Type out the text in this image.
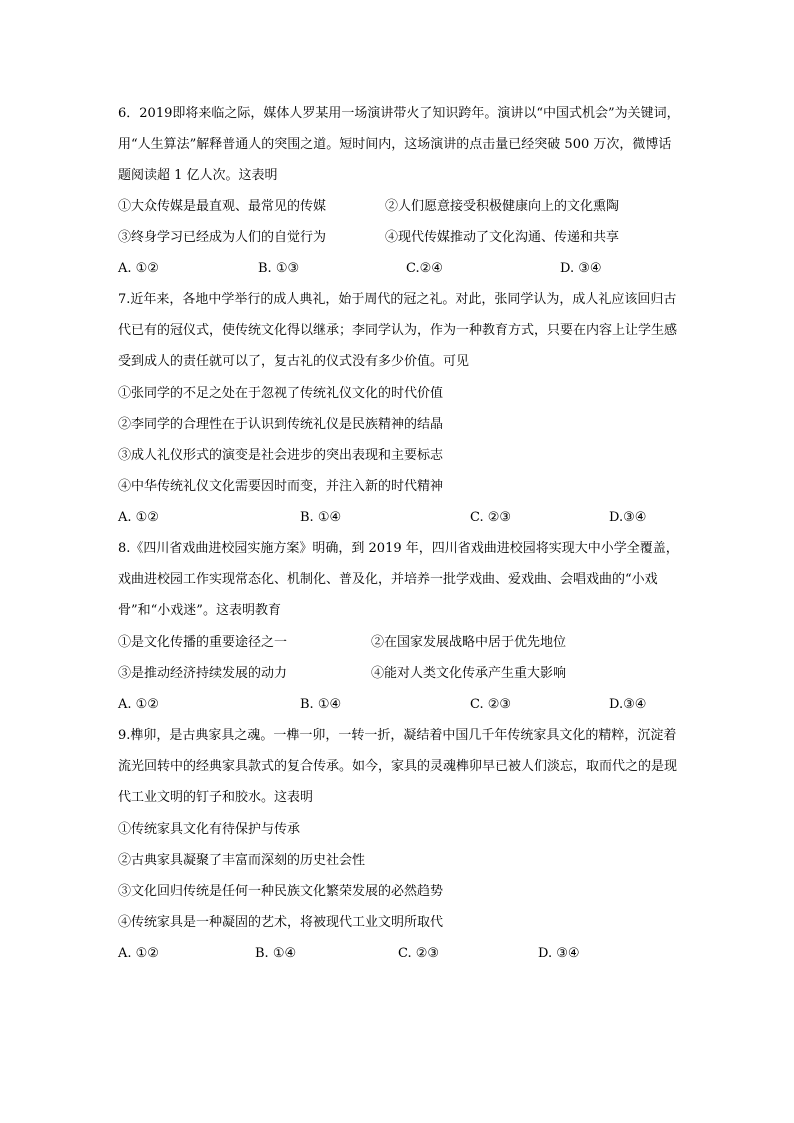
6．2019即将来临之际，媒体人罗某用一场演讲带火了知识跨年。演讲以“中国式机会”为关键词，用“人生算法”解释普通人的突围之道。短时间内，这场演讲的点击量已经突破 500 万次，微博话题阅读超 1 亿人次。这表明
①大众传媒是最直观、最常见的传媒	②人们愿意接受积极健康向上的文化熏陶
③终身学习已经成为人们的自觉行为	④现代传媒推动了文化沟通、传递和共享
A. ①②	B. ①③	C.②④	D. ③④
7.近年来，各地中学举行的成人典礼，始于周代的冠之礼。对此，张同学认为，成人礼应该回归古代已有的冠仪式，使传统文化得以继承；李同学认为，作为一种教育方式，只要在内容上让学生感受到成人的责任就可以了，复古礼的仪式没有多少价值。可见
①张同学的不足之处在于忽视了传统礼仪文化的时代价值
②李同学的合理性在于认识到传统礼仪是民族精神的结晶
③成人礼仪形式的演变是社会进步的突出表现和主要标志
④中华传统礼仪文化需要因时而变，并注入新的时代精神
A. ①②	B. ①④	C. ②③	D.③④
8.《四川省戏曲进校园实施方案》明确，到 2019 年，四川省戏曲进校园将实现大中小学全覆盖，戏曲进校园工作实现常态化、机制化、普及化，并培养一批学戏曲、爱戏曲、会唱戏曲的“小戏骨”和“小戏迷”。这表明教育
①是文化传播的重要途径之一	②在国家发展战略中居于优先地位
③是推动经济持续发展的动力	④能对人类文化传承产生重大影响
A. ①②	B. ①④	C. ②③	D.③④
9.榫卯，是古典家具之魂。一榫一卯，一转一折，凝结着中国几千年传统家具文化的精粹，沉淀着流光回转中的经典家具款式的复合传承。如今，家具的灵魂榫卯早已被人们淡忘，取而代之的是现代工业文明的钉子和胶水。这表明
①传统家具文化有待保护与传承
②古典家具凝聚了丰富而深刻的历史社会性
③文化回归传统是任何一种民族文化繁荣发展的必然趋势
④传统家具是一种凝固的艺术，将被现代工业文明所取代
A. ①②	B. ①④	C. ②③	D. ③④
